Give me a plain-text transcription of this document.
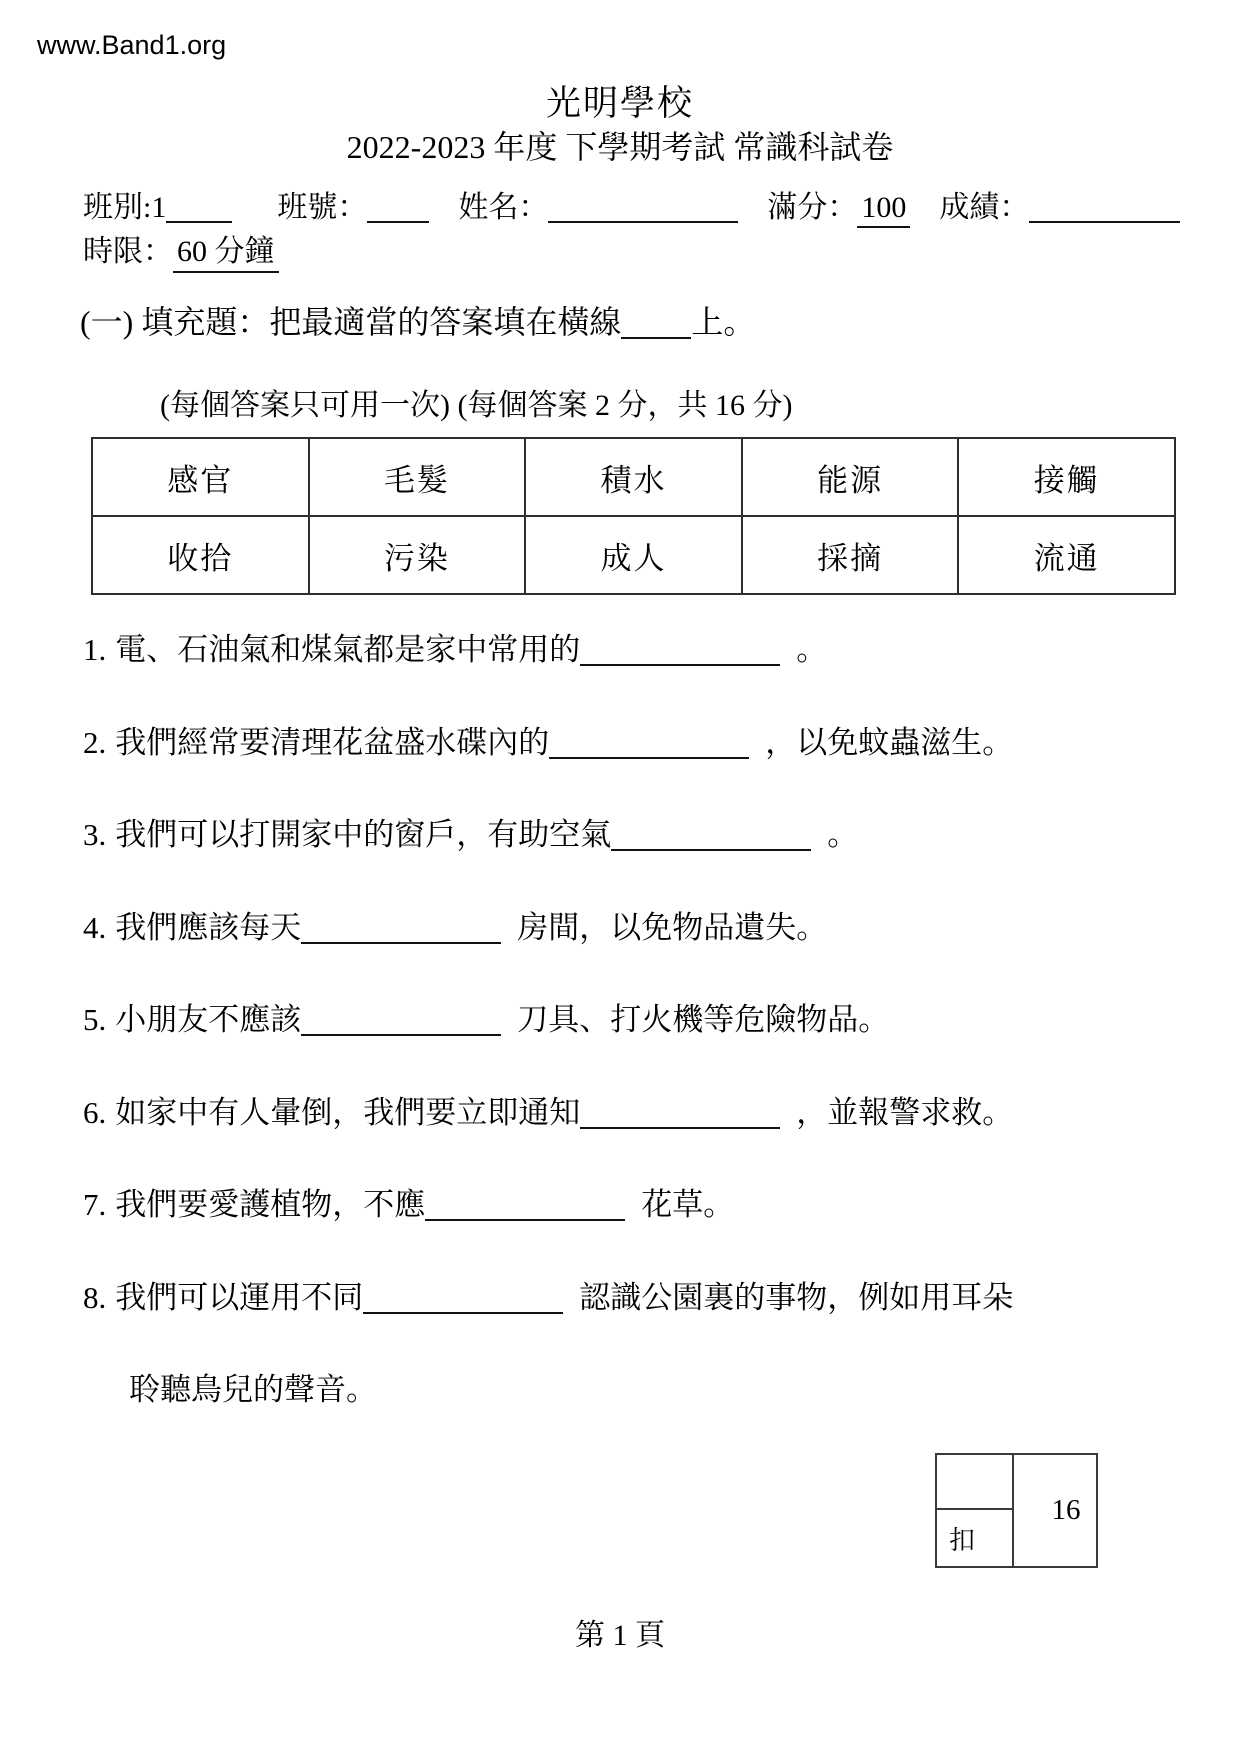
www.Band1.org
光明學校
2022-2023 年度 下學期考試 常識科試卷
班別:1	班號：	姓名：	滿分： 100 成績：
時限： 60 分鐘
(一) 填充題：把最適當的答案填在橫線 上。
(每個答案只可用一次) (每個答案 2 分，共 16 分)
感官	毛髮	積水	能源	接觸
收拾	污染	成人	採摘	流通
1. 電、石油氣和煤氣都是家中常用的	。
2. 我們經常要清理花盆盛水碟內的	，以免蚊蟲滋生。
3. 我們可以打開家中的窗戶，有助空氣	。
4. 我們應該每天	房間，以免物品遺失。
5. 小朋友不應該	刀具、打火機等危險物品。
6. 如家中有人暈倒，我們要立即通知	，並報警求救。
7. 我們要愛護植物，不應	花草。
8. 我們可以運用不同	認識公園裏的事物，例如用耳朵
聆聽鳥兒的聲音。
扣
16
第 1 頁
